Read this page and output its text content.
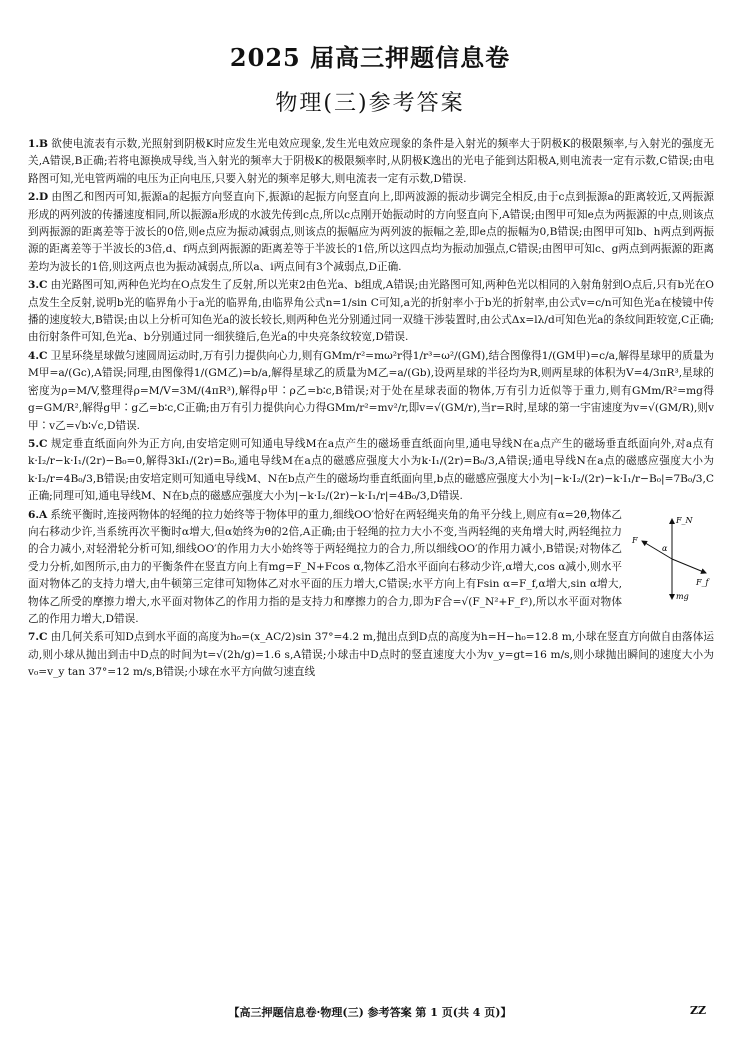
2025 届高三押题信息卷
物理(三)参考答案

1.B 欲使电流表有示数,光照射到阴极K时应发生光电效应现象,发生光电效应现象的条件是入射光的频率大于阴极K的极限频率,与入射光的强度无关,A错误,B正确;若将电源换成导线,当入射光的频率大于阴极K的极限频率时,从阴极K逸出的光电子能到达阳极A,则电流表一定有示数,C错误;由电路图可知,光电管两端的电压为正向电压,只要入射光的频率足够大,则电流表一定有示数,D错误.

2.D 由图乙和图丙可知,振源a的起振方向竖直向下,振源i的起振方向竖直向上,即两波源的振动步调完全相反,由于c点到振源a的距离较近,又两振源形成的两列波的传播速度相同,所以振源a形成的水波先传到c点,所以c点刚开始振动时的方向竖直向下,A错误;由图甲可知e点为两振源的中点,则该点到两振源的距离差等于波长的0倍,则e点应为振动减弱点,则该点的振幅应为两列波的振幅之差,即e点的振幅为0,B错误;由图甲可知b、h两点到两振源的距离差等于半波长的3倍,d、f两点到两振源的距离差等于半波长的1倍,所以这四点均为振动加强点,C错误;由图甲可知c、g两点到两振源的距离差均为波长的1倍,则这两点也为振动减弱点,所以a、i两点间有3个减弱点,D正确.

3.C 由光路图可知,两种色光均在O点发生了反射,所以光束2由色光a、b组成,A错误;由光路图可知,两种色光以相同的入射角射到O点后,只有b光在O点发生全反射,说明b光的临界角小于a光的临界角,由临界角公式n=1/sin C可知,a光的折射率小于b光的折射率,由公式v=c/n可知色光a在棱镜中传播的速度较大,B错误;由以上分析可知色光a的波长较长,则两种色光分别通过同一双缝干涉装置时,由公式Δx=lλ/d可知色光a的条纹间距较宽,C正确;由衍射条件可知,色光a、b分别通过同一细狭缝后,色光a的中央亮条纹较宽,D错误.

4.C 卫星环绕星球做匀速圆周运动时,万有引力提供向心力,则有GMm/r²=mω²r得1/r³=ω²/(GM),结合图像得1/(GM甲)=c/a,解得星球甲的质量为M甲=a/(Gc),A错误;同理,由图像得1/(GM乙)=b/a,解得星球乙的质量为M乙=a/(Gb),设两星球的半径均为R,则两星球的体积为V=4/3πR³,星球的密度为ρ=M/V,整理得ρ=M/V=3M/(4πR³),解得ρ甲∶ρ乙=b∶c,B错误;对于处在星球表面的物体,万有引力近似等于重力,则有GMm/R²=mg得g=GM/R²,解得g甲∶g乙=b∶c,C正确;由万有引力提供向心力得GMm/r²=mv²/r,即v=√(GM/r),当r=R时,星球的第一宇宙速度为v=√(GM/R),则v甲∶v乙=√b∶√c,D错误.

5.C 规定垂直纸面向外为正方向,由安培定则可知通电导线M在a点产生的磁场垂直纸面向里,通电导线N在a点产生的磁场垂直纸面向外,对a点有k·I₂/r−k·I₁/(2r)−B₀=0,解得3kI₁/(2r)=B₀,通电导线M在a点的磁感应强度大小为k·I₁/(2r)=B₀/3,A错误;通电导线N在a点的磁感应强度大小为k·I₂/r=4B₀/3,B错误;由安培定则可知通电导线M、N在b点产生的磁场均垂直纸面向里,b点的磁感应强度大小为|−k·I₂/(2r)−k·I₁/r−B₀|=7B₀/3,C正确;同理可知,通电导线M、N在b点的磁感应强度大小为|−k·I₂/(2r)−k·I₁/r|=4B₀/3,D错误.

F_N
F
α
F_f
mg
6.A 系统平衡时,连接两物体的轻绳的拉力始终等于物体甲的重力,细线OO′恰好在两轻绳夹角的角平分线上,则应有α=2θ,物体乙向右移动少许,当系统再次平衡时α增大,但α始终为θ的2倍,A正确;由于轻绳的拉力大小不变,当两轻绳的夹角增大时,两轻绳拉力的合力减小,对轻滑轮分析可知,细线OO′的作用力大小始终等于两轻绳拉力的合力,所以细线OO′的作用力减小,B错误;对物体乙受力分析,如图所示,由力的平衡条件在竖直方向上有mg=F_N+Fcos α,物体乙沿水平面向右移动少许,α增大,cos α减小,则水平面对物体乙的支持力增大,由牛顿第三定律可知物体乙对水平面的压力增大,C错误;水平方向上有Fsin α=F_f,α增大,sin α增大,物体乙所受的摩擦力增大,水平面对物体乙的作用力指的是支持力和摩擦力的合力,即为F合=√(F_N²+F_f²),所以水平面对物体乙的作用力增大,D错误.

7.C 由几何关系可知D点到水平面的高度为h₀=(x_AC/2)sin 37°=4.2 m,抛出点到D点的高度为h=H−h₀=12.8 m,小球在竖直方向做自由落体运动,则小球从抛出到击中D点的时间为t=√(2h/g)=1.6 s,A错误;小球击中D点时的竖直速度大小为v_y=gt=16 m/s,则小球抛出瞬间的速度大小为v₀=v_y tan 37°=12 m/s,B错误;小球在水平方向做匀速直线

【高三押题信息卷·物理(三) 参考答案 第 1 页(共 4 页)】	ZZ
